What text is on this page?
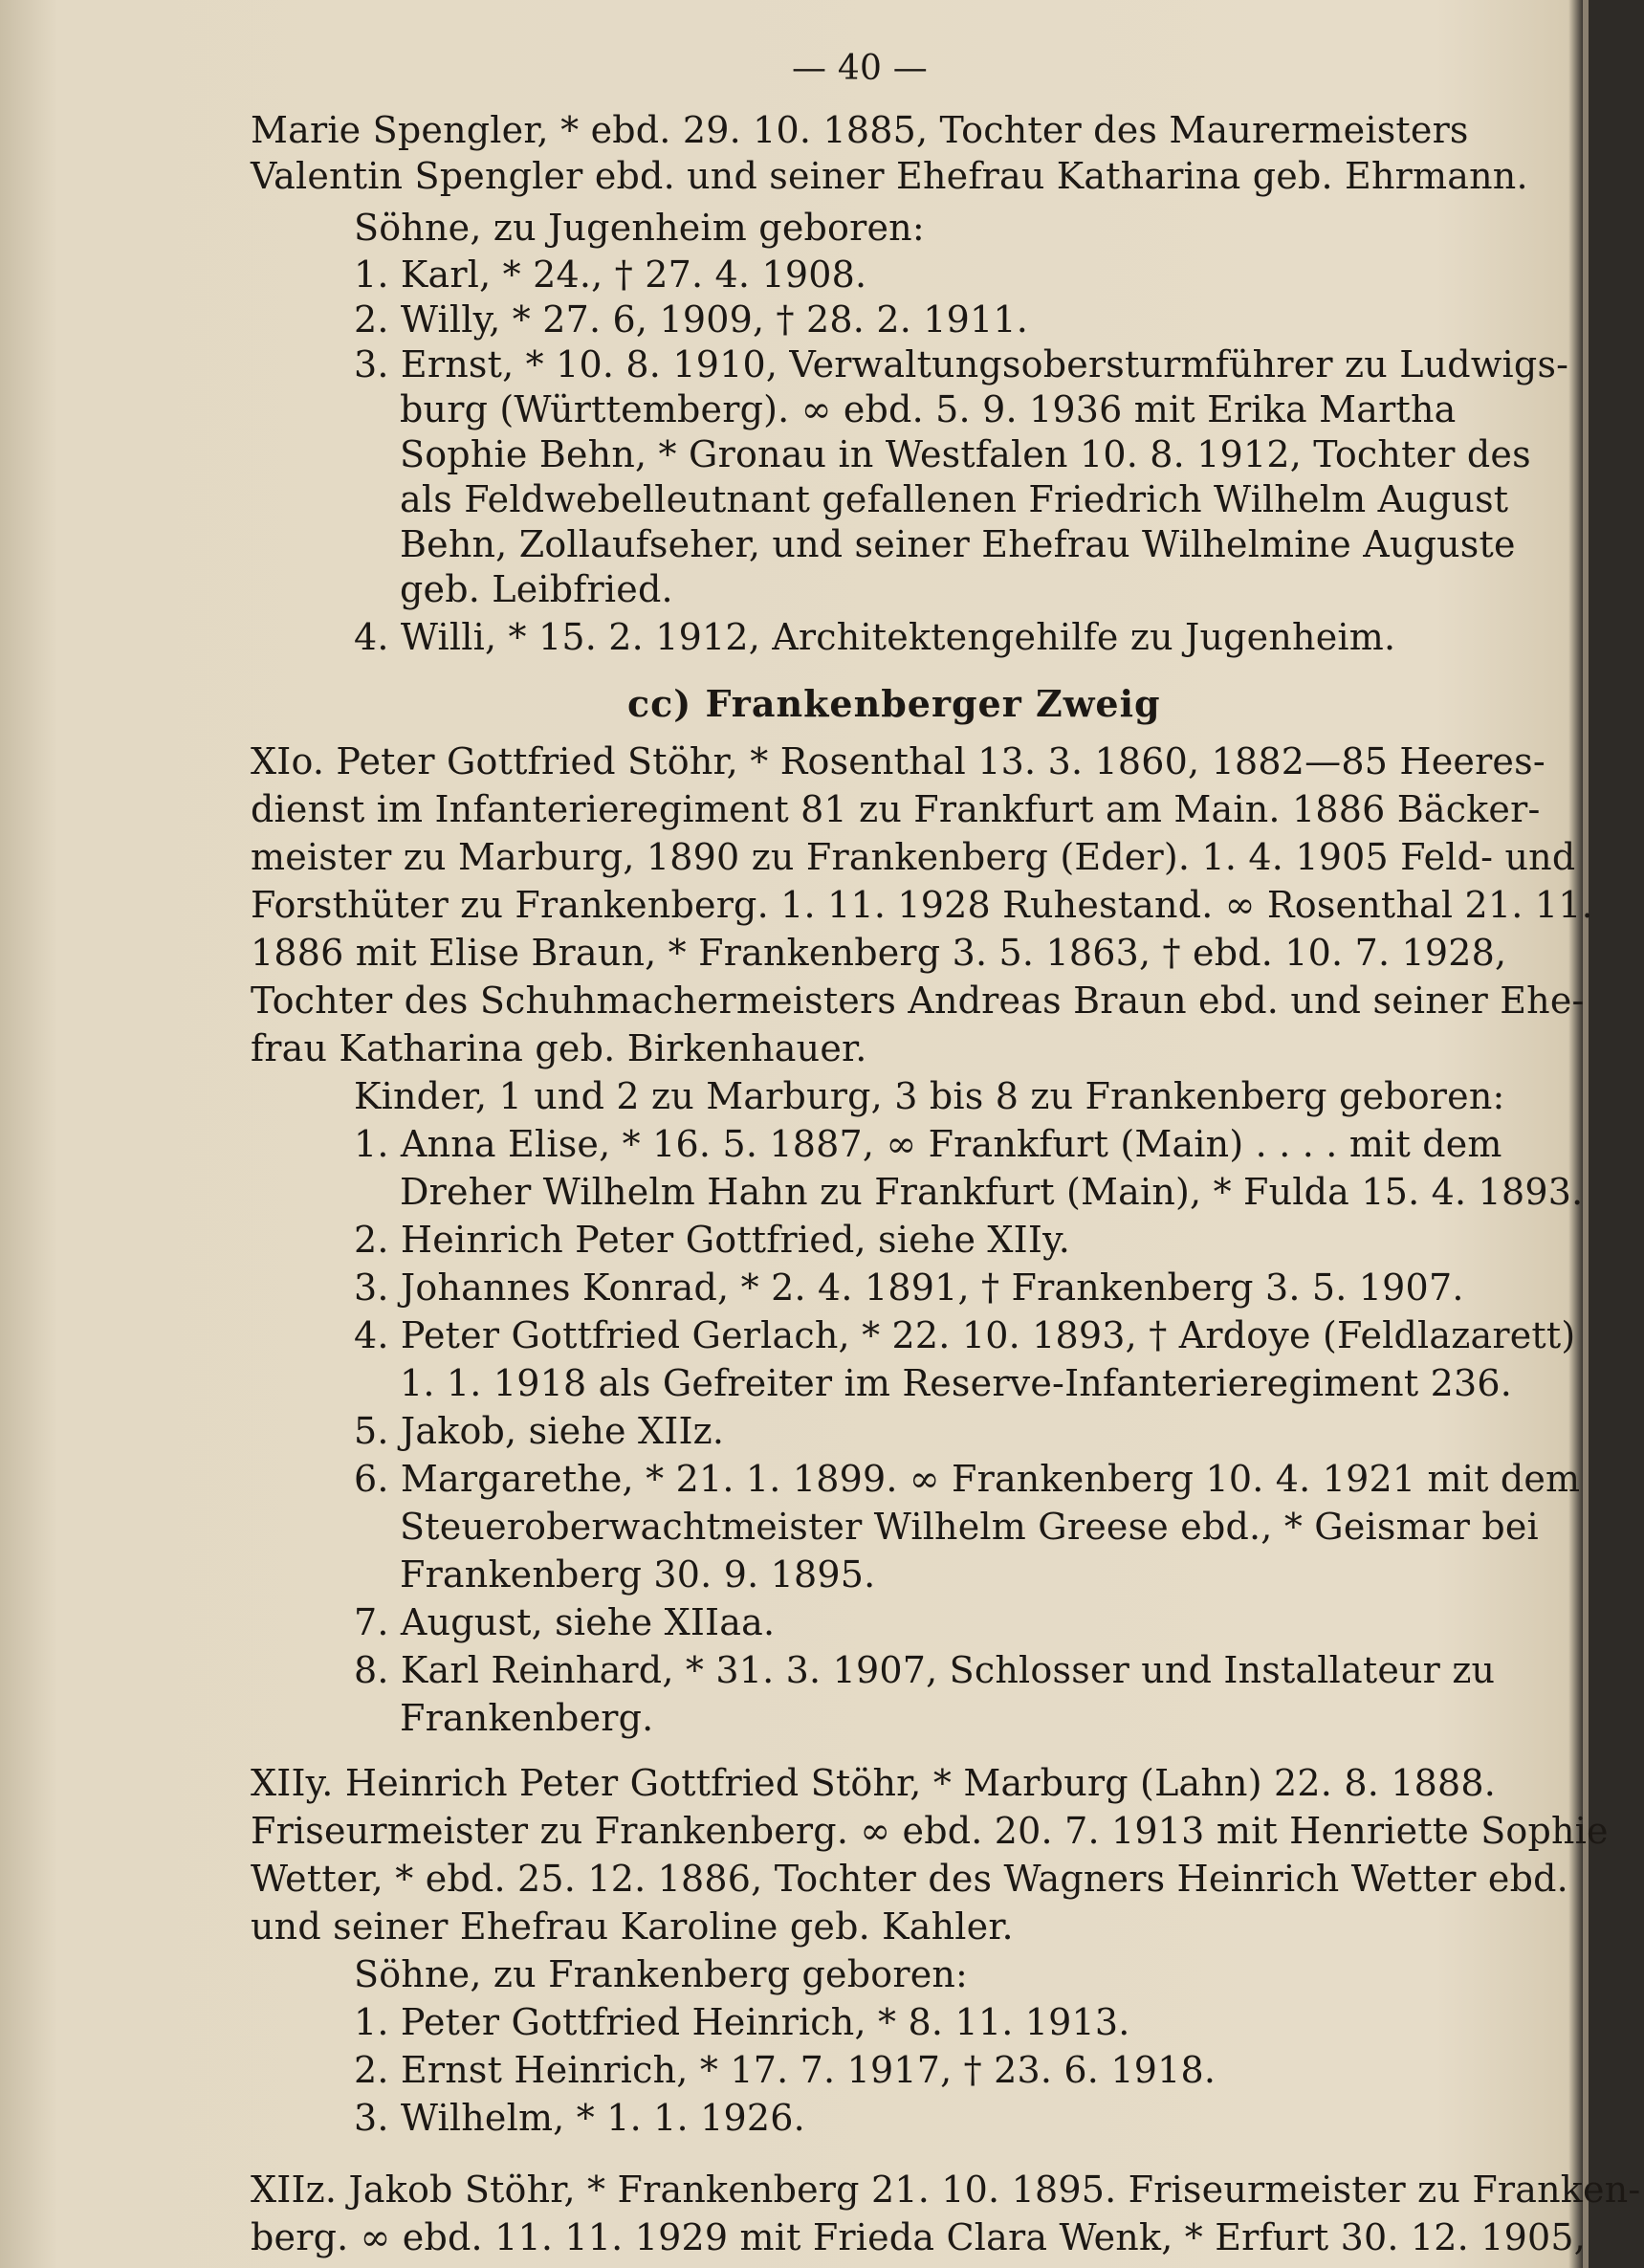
— 40 —
Marie Spengler, * ebd. 29. 10. 1885, Tochter des Maurermeisters
Valentin Spengler ebd. und seiner Ehefrau Katharina geb. Ehrmann.
Söhne, zu Jugenheim geboren:
1. Karl, * 24., † 27. 4. 1908.
2. Willy, * 27. 6, 1909, † 28. 2. 1911.
3. Ernst, * 10. 8. 1910, Verwaltungsobersturmführer zu Ludwigs-
burg (Württemberg). ∞ ebd. 5. 9. 1936 mit Erika Martha
Sophie Behn, * Gronau in Westfalen 10. 8. 1912, Tochter des
als Feldwebelleutnant gefallenen Friedrich Wilhelm August
Behn, Zollaufseher, und seiner Ehefrau Wilhelmine Auguste
geb. Leibfried.
4. Willi, * 15. 2. 1912, Architektengehilfe zu Jugenheim.
cc) Frankenberger Zweig
XIo. Peter Gottfried Stöhr, * Rosenthal 13. 3. 1860, 1882—85 Heeres-
dienst im Infanterieregiment 81 zu Frankfurt am Main. 1886 Bäcker-
meister zu Marburg, 1890 zu Frankenberg (Eder). 1. 4. 1905 Feld- und
Forsthüter zu Frankenberg. 1. 11. 1928 Ruhestand. ∞ Rosenthal 21. 11.
1886 mit Elise Braun, * Frankenberg 3. 5. 1863, † ebd. 10. 7. 1928,
Tochter des Schuhmachermeisters Andreas Braun ebd. und seiner Ehe-
frau Katharina geb. Birkenhauer.
Kinder, 1 und 2 zu Marburg, 3 bis 8 zu Frankenberg geboren:
1. Anna Elise, * 16. 5. 1887, ∞ Frankfurt (Main) . . . . mit dem
Dreher Wilhelm Hahn zu Frankfurt (Main), * Fulda 15. 4. 1893.
2. Heinrich Peter Gottfried, siehe XIIy.
3. Johannes Konrad, * 2. 4. 1891, † Frankenberg 3. 5. 1907.
4. Peter Gottfried Gerlach, * 22. 10. 1893, † Ardoye (Feldlazarett)
1. 1. 1918 als Gefreiter im Reserve-Infanterieregiment 236.
5. Jakob, siehe XIIz.
6. Margarethe, * 21. 1. 1899. ∞ Frankenberg 10. 4. 1921 mit dem
Steueroberwachtmeister Wilhelm Greese ebd., * Geismar bei
Frankenberg 30. 9. 1895.
7. August, siehe XIIaa.
8. Karl Reinhard, * 31. 3. 1907, Schlosser und Installateur zu
Frankenberg.
XIIy. Heinrich Peter Gottfried Stöhr, * Marburg (Lahn) 22. 8. 1888.
Friseurmeister zu Frankenberg. ∞ ebd. 20. 7. 1913 mit Henriette Sophie
Wetter, * ebd. 25. 12. 1886, Tochter des Wagners Heinrich Wetter ebd.
und seiner Ehefrau Karoline geb. Kahler.
Söhne, zu Frankenberg geboren:
1. Peter Gottfried Heinrich, * 8. 11. 1913.
2. Ernst Heinrich, * 17. 7. 1917, † 23. 6. 1918.
3. Wilhelm, * 1. 1. 1926.
XIIz. Jakob Stöhr, * Frankenberg 21. 10. 1895. Friseurmeister zu Franken-
berg. ∞ ebd. 11. 11. 1929 mit Frieda Clara Wenk, * Erfurt 30. 12. 1905,
